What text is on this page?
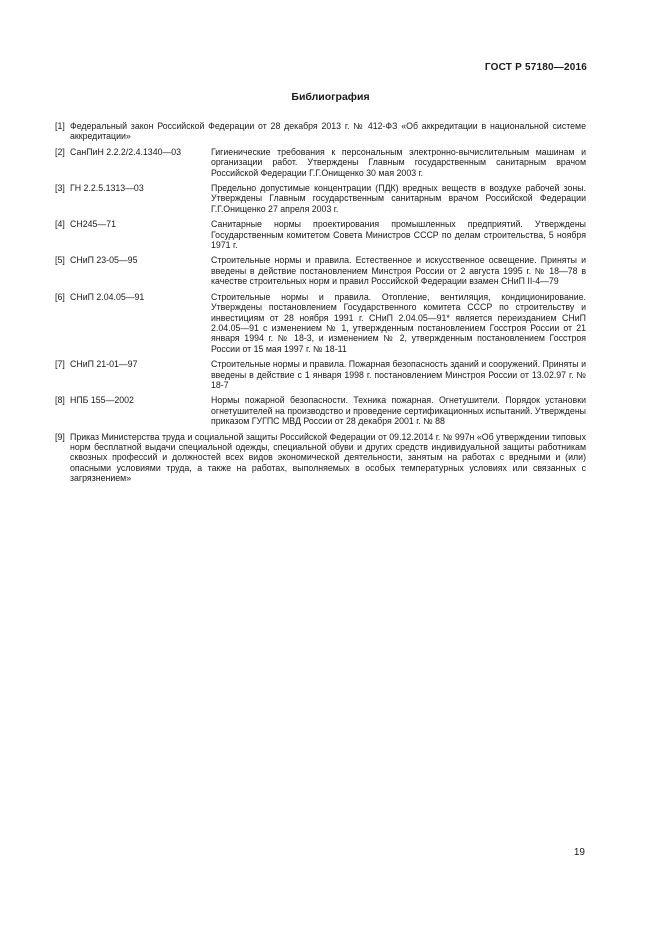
ГОСТ Р 57180—2016
Библиография
[1] Федеральный закон Российской Федерации от 28 декабря 2013 г. № 412-ФЗ «Об аккредитации в национальной системе аккредитации»
[2] СанПиН 2.2.2/2.4.1340—03	Гигиенические требования к персональным электронно-вычислительным машинам и организации работ. Утверждены Главным государственным санитарным врачом Российской Федерации Г.Г.Онищенко 30 мая 2003 г.
[3] ГН 2.2.5.1313—03	Предельно допустимые концентрации (ПДК) вредных веществ в воздухе рабочей зоны. Утверждены Главным государственным санитарным врачом Российской Федерации Г.Г.Онищенко 27 апреля 2003 г.
[4] СН245—71	Санитарные нормы проектирования промышленных предприятий. Утверждены Государственным комитетом Совета Министров СССР по делам строительства, 5 ноября 1971 г.
[5] СНиП 23-05—95	Строительные нормы и правила. Естественное и искусственное освещение. Приняты и введены в действие постановлением Минстроя России от 2 августа 1995 г. № 18—78 в качестве строительных норм и правил Российской Федерации взамен СНиП II-4—79
[6] СНиП 2.04.05—91	Строительные нормы и правила. Отопление, вентиляция, кондиционирование. Утверждены постановлением Государственного комитета СССР по строительству и инвестициям от 28 ноября 1991 г. СНиП 2.04.05—91* является переизданием СНиП 2.04.05—91 с изменением № 1, утвержденным постановлением Госстроя России от 21 января 1994 г. № 18-3, и изменением № 2, утвержденным постановлением Госстроя России от 15 мая 1997 г. № 18-11
[7] СНиП 21-01—97	Строительные нормы и правила. Пожарная безопасность зданий и сооружений. Приняты и введены в действие с 1 января 1998 г. постановлением Минстроя России от 13.02.97 г. № 18-7
[8] НПБ 155—2002	Нормы пожарной безопасности. Техника пожарная. Огнетушители. Порядок установки огнетушителей на производство и проведение сертификационных испытаний. Утверждены приказом ГУГПС МВД России от 28 декабря 2001 г. № 88
[9] Приказ Министерства труда и социальной защиты Российской Федерации от 09.12.2014 г. № 997н «Об утверждении типовых норм бесплатной выдачи специальной одежды, специальной обуви и других средств индивидуальной защиты работникам сквозных профессий и должностей всех видов экономической деятельности, занятым на работах с вредными и (или) опасными условиями труда, а также на работах, выполняемых в особых температурных условиях или связанных с загрязнением»
19
